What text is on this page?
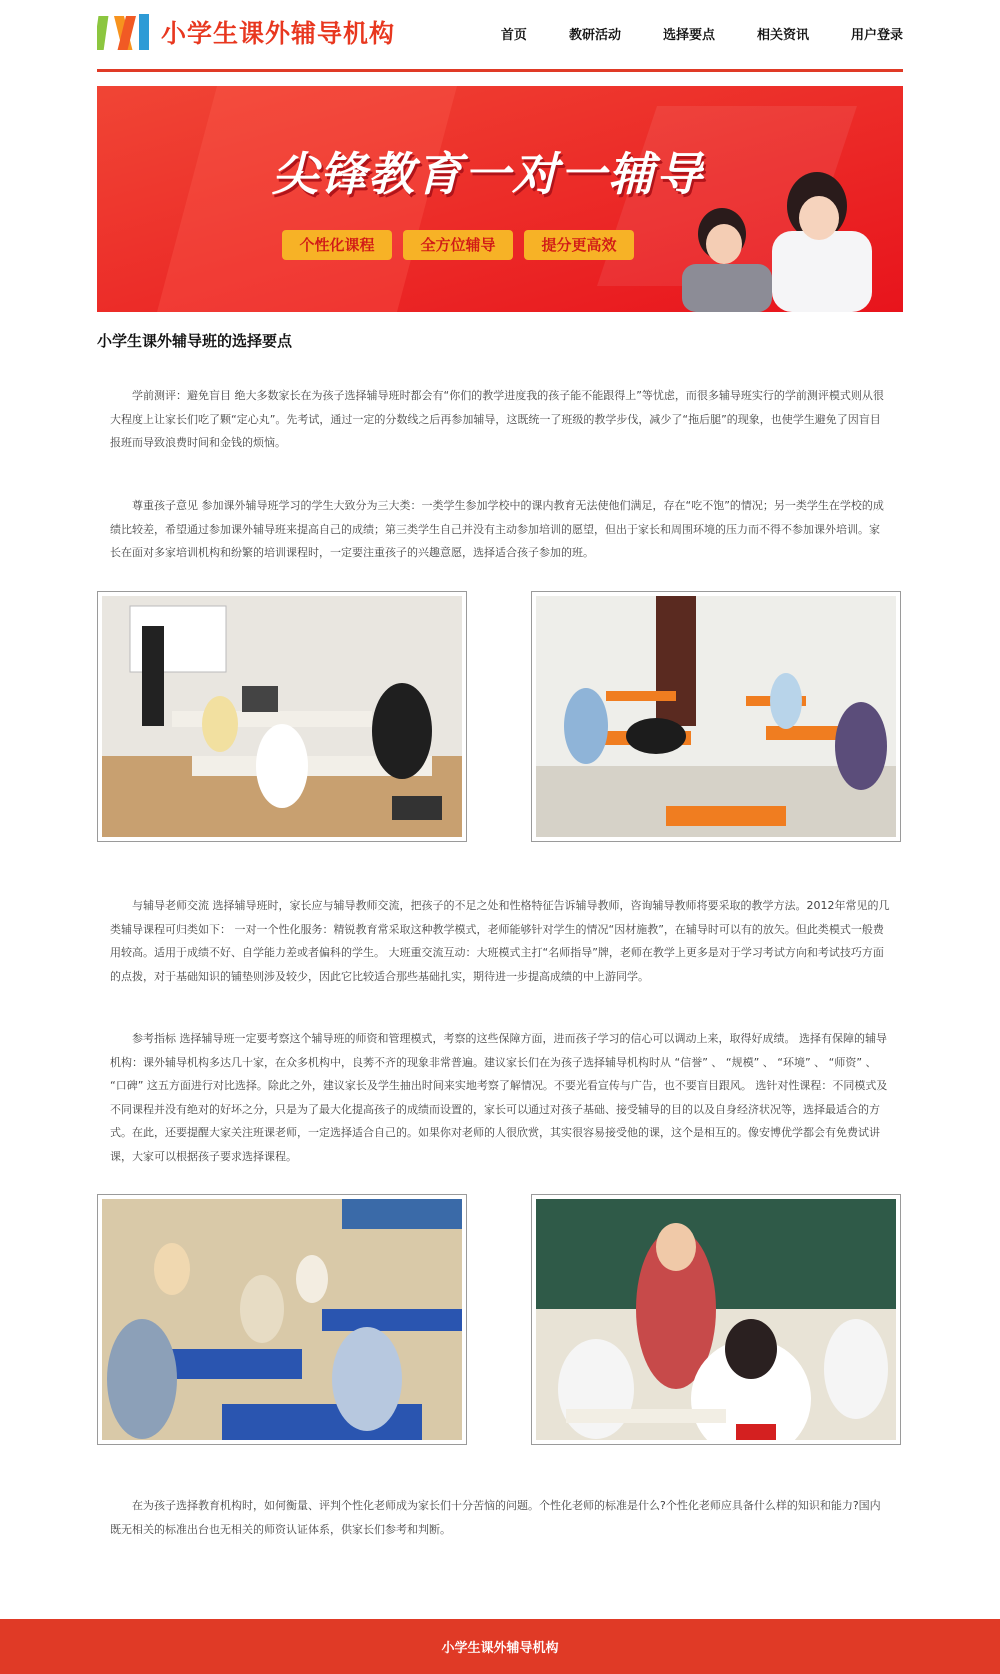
小学生课外辅导机构	首页	教研活动	选择要点	相关资讯	用户登录
尖锋教育一对一辅导
个性化课程	全方位辅导	提分更高效
小学生课外辅导班的选择要点

学前测评：避免盲目 绝大多数家长在为孩子选择辅导班时都会有“你们的教学进度我的孩子能不能跟得上”等忧虑，而很多辅导班实行的学前测评模式则从很大程度上让家长们吃了颗“定心丸”。先考试，通过一定的分数线之后再参加辅导，这既统一了班级的教学步伐，减少了“拖后腿”的现象，也使学生避免了因盲目报班而导致浪费时间和金钱的烦恼。

尊重孩子意见 参加课外辅导班学习的学生大致分为三大类：一类学生参加学校中的课内教育无法使他们满足，存在“吃不饱”的情况；另一类学生在学校的成绩比较差，希望通过参加课外辅导班来提高自己的成绩；第三类学生自己并没有主动参加培训的愿望，但出于家长和周围环境的压力而不得不参加课外培训。家长在面对多家培训机构和纷繁的培训课程时，一定要注重孩子的兴趣意愿，选择适合孩子参加的班。

与辅导老师交流 选择辅导班时，家长应与辅导教师交流，把孩子的不足之处和性格特征告诉辅导教师，咨询辅导教师将要采取的教学方法。2012年常见的几类辅导课程可归类如下： 一对一个性化服务：精锐教育常采取这种教学模式，老师能够针对学生的情况“因材施教”，在辅导时可以有的放矢。但此类模式一般费用较高。适用于成绩不好、自学能力差或者偏科的学生。 大班重交流互动：大班模式主打“名师指导”牌，老师在教学上更多是对于学习考试方向和考试技巧方面的点拨，对于基础知识的铺垫则涉及较少，因此它比较适合那些基础扎实，期待进一步提高成绩的中上游同学。

参考指标 选择辅导班一定要考察这个辅导班的师资和管理模式，考察的这些保障方面，进而孩子学习的信心可以调动上来，取得好成绩。 选择有保障的辅导机构：课外辅导机构多达几十家，在众多机构中，良莠不齐的现象非常普遍。建议家长们在为孩子选择辅导机构时从 “信誉” 、 “规模” 、 “环境” 、 “师资” 、 “口碑” 这五方面进行对比选择。除此之外，建议家长及学生抽出时间来实地考察了解情况。不要光看宣传与广告，也不要盲目跟风。 选针对性课程：不同模式及不同课程并没有绝对的好坏之分，只是为了最大化提高孩子的成绩而设置的，家长可以通过对孩子基础、接受辅导的目的以及自身经济状况等，选择最适合的方式。在此，还要提醒大家关注班课老师，一定选择适合自己的。如果你对老师的人很欣赏，其实很容易接受他的课，这个是相互的。像安博优学都会有免费试讲课，大家可以根据孩子要求选择课程。

在为孩子选择教育机构时，如何衡量、评判个性化老师成为家长们十分苦恼的问题。个性化老师的标准是什么?个性化老师应具备什么样的知识和能力?国内既无相关的标准出台也无相关的师资认证体系，供家长们参考和判断。

小学生课外辅导机构
